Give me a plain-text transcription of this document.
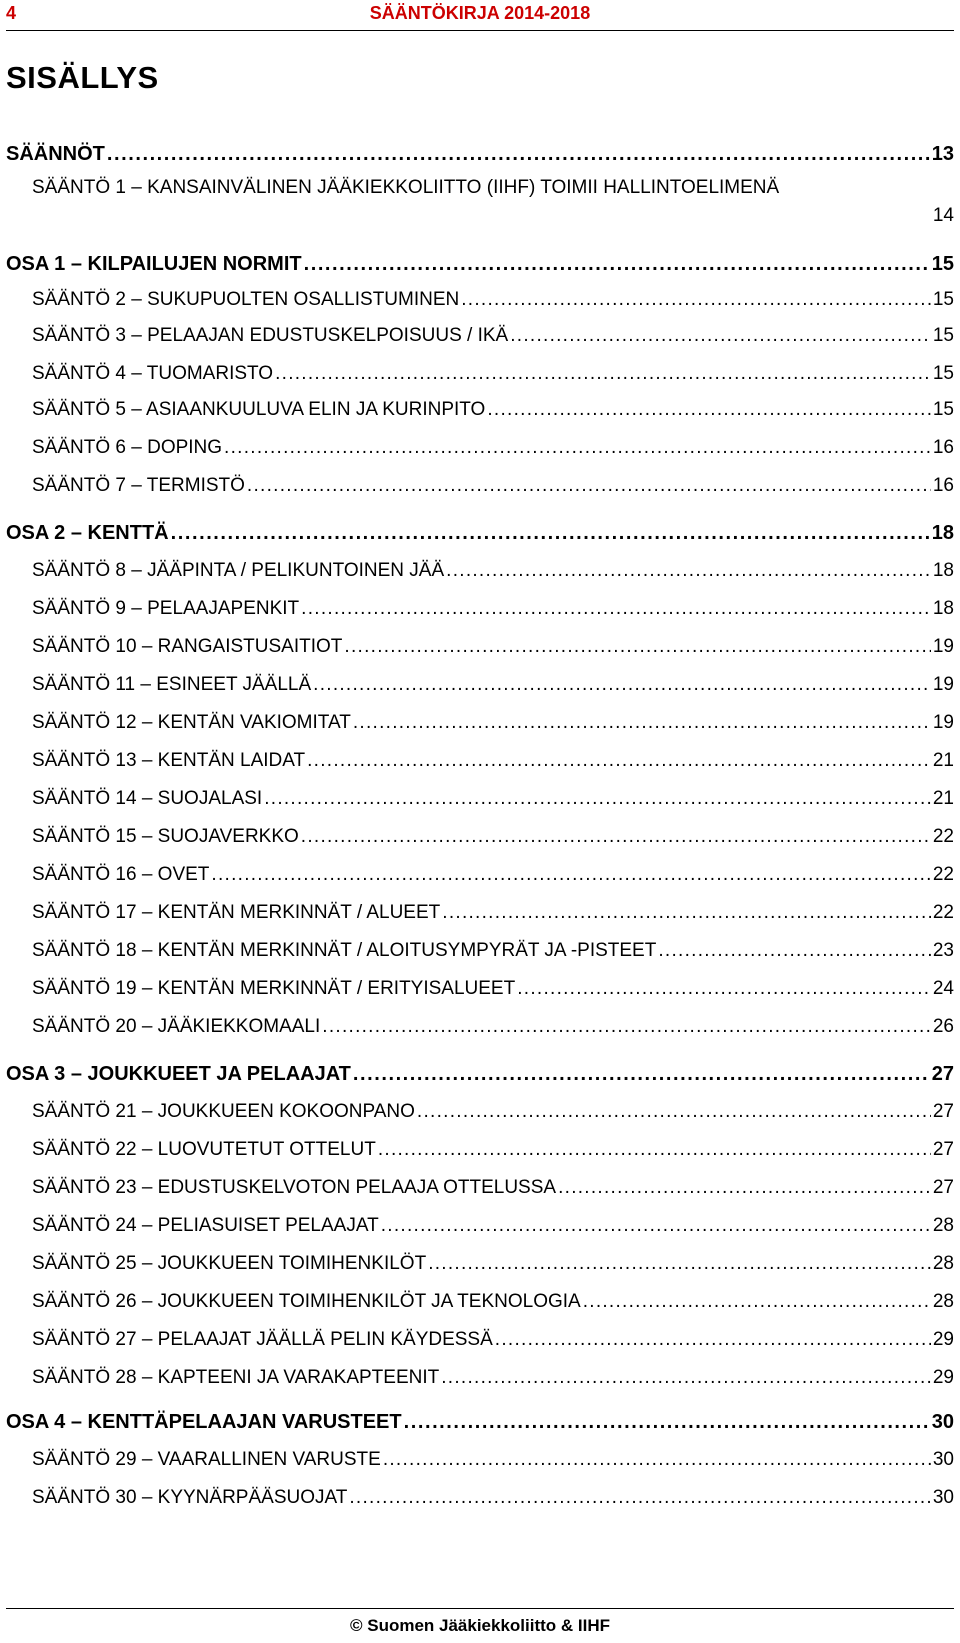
4	SÄÄNTÖKIRJA 2014-2018
SISÄLLYS
SÄÄNNÖT . . .	13
SÄÄNTÖ 1 – KANSAINVÄLINEN JÄÄKIEKKOLIITTO (IIHF) TOIMII HALLINTOELIMENÄ
14
OSA 1 – KILPAILUJEN NORMIT . . .	15
SÄÄNTÖ 2 – SUKUPUOLTEN OSALLISTUMINEN . . .	15
SÄÄNTÖ 3 – PELAAJAN EDUSTUSKELPOISUUS / IKÄ . . .	15
SÄÄNTÖ 4 – TUOMARISTO . . .	15
SÄÄNTÖ 5 – ASIAANKUULUVA ELIN JA KURINPITO . . .	15
SÄÄNTÖ 6 – DOPING . . .	16
SÄÄNTÖ 7 – TERMISTÖ . . .	16
OSA 2 – KENTTÄ . . .	18
SÄÄNTÖ 8 – JÄÄPINTA / PELIKUNTOINEN JÄÄ . . .	18
SÄÄNTÖ 9 – PELAAJAPENKIT . . .	18
SÄÄNTÖ 10 – RANGAISTUSAITIOT . . .	19
SÄÄNTÖ 11 – ESINEET JÄÄLLÄ . . .	19
SÄÄNTÖ 12 – KENTÄN VAKIOMITAT . . .	19
SÄÄNTÖ 13 – KENTÄN LAIDAT . . .	21
SÄÄNTÖ 14 – SUOJALASI . . .	21
SÄÄNTÖ 15 – SUOJAVERKKO . . .	22
SÄÄNTÖ 16 – OVET . . .	22
SÄÄNTÖ 17 – KENTÄN MERKINNÄT / ALUEET . . .	22
SÄÄNTÖ 18 – KENTÄN MERKINNÄT / ALOITUSYMPYRÄT JA -PISTEET . . .	23
SÄÄNTÖ 19 – KENTÄN MERKINNÄT / ERITYISALUEET . . .	24
SÄÄNTÖ 20 – JÄÄKIEKKOMAALI . . .	26
OSA 3 – JOUKKUEET JA PELAAJAT . . .	27
SÄÄNTÖ 21 – JOUKKUEEN KOKOONPANO . . .	27
SÄÄNTÖ 22 – LUOVUTETUT OTTELUT . . .	27
SÄÄNTÖ 23 – EDUSTUSKELVOTON PELAAJA OTTELUSSA . . .	27
SÄÄNTÖ 24 – PELIASUISET PELAAJAT . . .	28
SÄÄNTÖ 25 – JOUKKUEEN TOIMIHENKILÖT . . .	28
SÄÄNTÖ 26 – JOUKKUEEN TOIMIHENKILÖT JA TEKNOLOGIA . . .	28
SÄÄNTÖ 27 – PELAAJAT JÄÄLLÄ PELIN KÄYDESSÄ . . .	29
SÄÄNTÖ 28 – KAPTEENI JA VARAKAPTEENIT . . .	29
OSA 4 – KENTTÄPELAAJAN VARUSTEET . . .	30
SÄÄNTÖ 29 – VAARALLINEN VARUSTE . . .	30
SÄÄNTÖ 30 – KYYNÄRPÄÄSUOJAT . . .	30
© Suomen Jääkiekkoliitto & IIHF
